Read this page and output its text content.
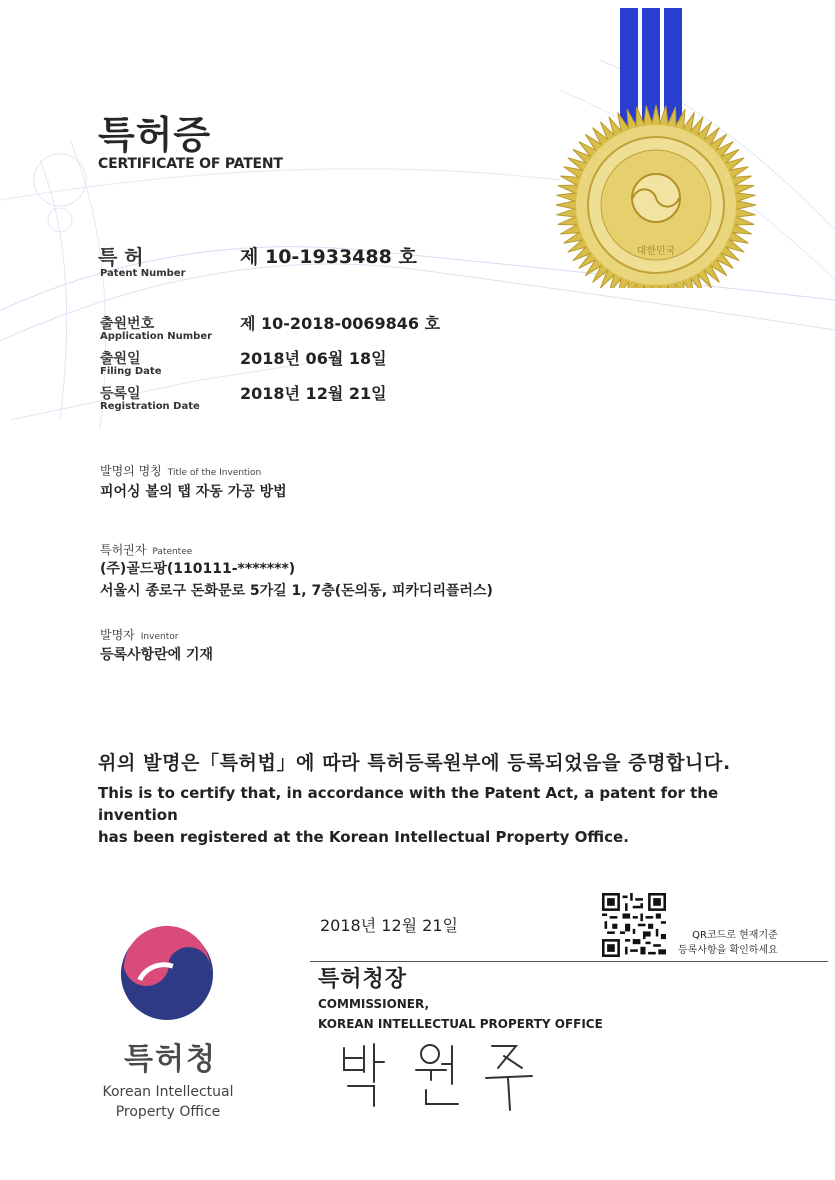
대한민국
특허증
CERTIFICATE OF PATENT
특 허
Patent Number
제 10-1933488 호
출원번호
Application Number
제 10-2018-0069846 호
출원일
Filing Date
2018년 06월 18일
등록일
Registration Date
2018년 12월 21일
발명의 명칭 Title of the Invention
피어싱 볼의 탭 자동 가공 방법
특허권자 Patentee
(주)골드팡(110111-*******)
서울시 종로구 돈화문로 5가길 1, 7층(돈의동, 피카디리플러스)
발명자 Inventor
등록사항란에 기재
위의 발명은「특허법」에 따라 특허등록원부에 등록되었음을 증명합니다.
This is to certify that, in accordance with the Patent Act, a patent for the invention
has been registered at the Korean Intellectual Property Office.
2018년 12월 21일
QR코드로 현재기준
등록사항을 확인하세요
특허청장
COMMISSIONER,
KOREAN INTELLECTUAL PROPERTY OFFICE
특허청
Korean Intellectual
Property Office
